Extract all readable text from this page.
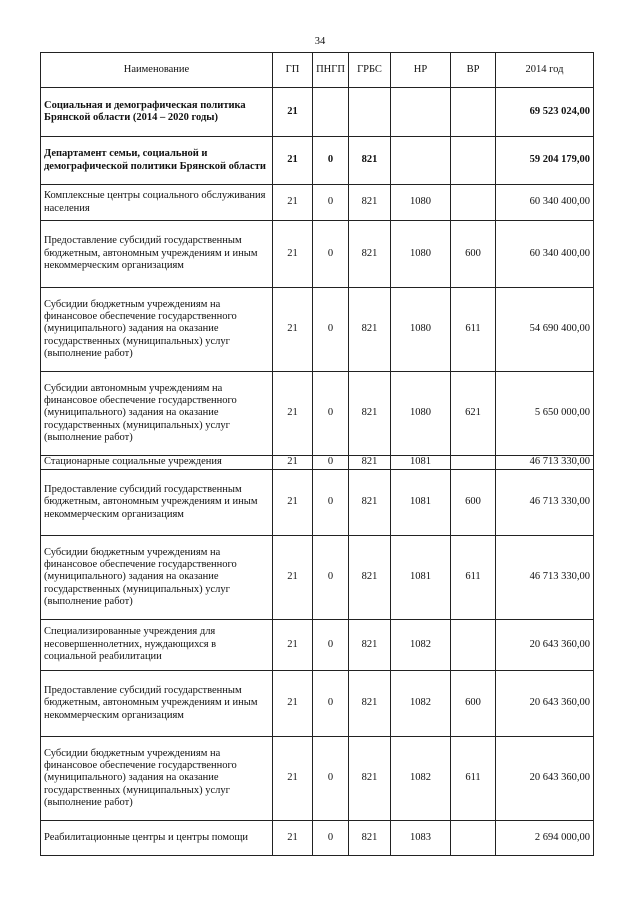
34
Наименование	ГП	ПНГП	ГРБС	НР	ВР	2014 год
Социальная и демографическая политика Брянской области (2014 – 2020 годы)	21					69 523 024,00
Департамент семьи, социальной и демографической политики Брянской области	21	0	821			59 204 179,00
Комплексные центры социального обслуживания населения	21	0	821	1080		60 340 400,00
Предоставление субсидий государственным бюджетным, автономным учреждениям и иным некоммерческим организациям	21	0	821	1080	600	60 340 400,00
Субсидии бюджетным учреждениям на финансовое обеспечение государственного (муниципального) задания на оказание государственных (муниципальных) услуг (выполнение работ)	21	0	821	1080	611	54 690 400,00
Субсидии автономным учреждениям на финансовое обеспечение государственного (муниципального) задания на оказание государственных (муниципальных) услуг (выполнение работ)	21	0	821	1080	621	5 650 000,00
Стационарные социальные учреждения	21	0	821	1081		46 713 330,00
Предоставление субсидий государственным бюджетным, автономным учреждениям и иным некоммерческим организациям	21	0	821	1081	600	46 713 330,00
Субсидии бюджетным учреждениям на финансовое обеспечение государственного (муниципального) задания на оказание государственных (муниципальных) услуг (выполнение работ)	21	0	821	1081	611	46 713 330,00
Специализированные учреждения для несовершеннолетних, нуждающихся в социальной реабилитации	21	0	821	1082		20 643 360,00
Предоставление субсидий государственным бюджетным, автономным учреждениям и иным некоммерческим организациям	21	0	821	1082	600	20 643 360,00
Субсидии бюджетным учреждениям на финансовое обеспечение государственного (муниципального) задания на оказание государственных (муниципальных) услуг (выполнение работ)	21	0	821	1082	611	20 643 360,00
Реабилитационные центры и центры помощи	21	0	821	1083		2 694 000,00
